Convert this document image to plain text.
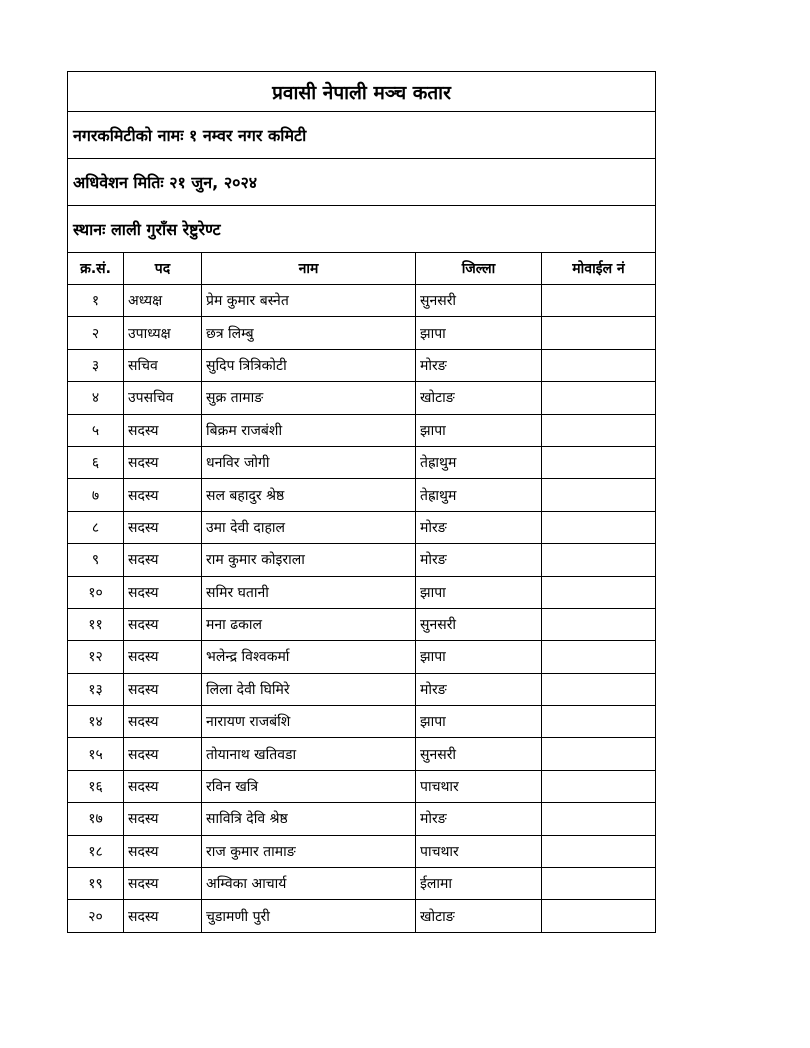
प्रवासी नेपाली मञ्च कतार				
नगरकमिटीको नामः १ नम्वर नगर कमिटी				
अधिवेशन मितिः २१ जुन, २०२४				
स्थानः लाली गुराँस रेष्टुरेण्ट				
क्र.सं.	पद	नाम	जिल्ला	मोवाईल नं
१	अध्यक्ष	प्रेम कुमार बस्नेत	सुनसरी	
२	उपाध्यक्ष	छत्र लिम्बु	झापा	
३	सचिव	सुदिप त्रित्रिकोटी	मोरङ	
४	उपसचिव	सुक्र तामाङ	खोटाङ	
५	सदस्य	बिक्रम राजबंशी	झापा	
६	सदस्य	धनविर जोगी	तेह्राथुम	
७	सदस्य	सल बहादुर श्रेष्ठ	तेह्राथुम	
८	सदस्य	उमा देवी दाहाल	मोरङ	
९	सदस्य	राम कुमार कोइराला	मोरङ	
१०	सदस्य	समिर घतानी	झापा	
११	सदस्य	मना ढकाल	सुनसरी	
१२	सदस्य	भलेन्द्र विश्वकर्मा	झापा	
१३	सदस्य	लिला देवी घिमिरे	मोरङ	
१४	सदस्य	नारायण राजबंशि	झापा	
१५	सदस्य	तोयानाथ खतिवडा	सुनसरी	
१६	सदस्य	रविन खत्रि	पाचथार	
१७	सदस्य	सावित्रि देवि श्रेष्ठ	मोरङ	
१८	सदस्य	राज कुमार तामाङ	पाचथार	
१९	सदस्य	अम्विका आचार्य	ईलामा	
२०	सदस्य	चुडामणी पुरी	खोटाङ	
